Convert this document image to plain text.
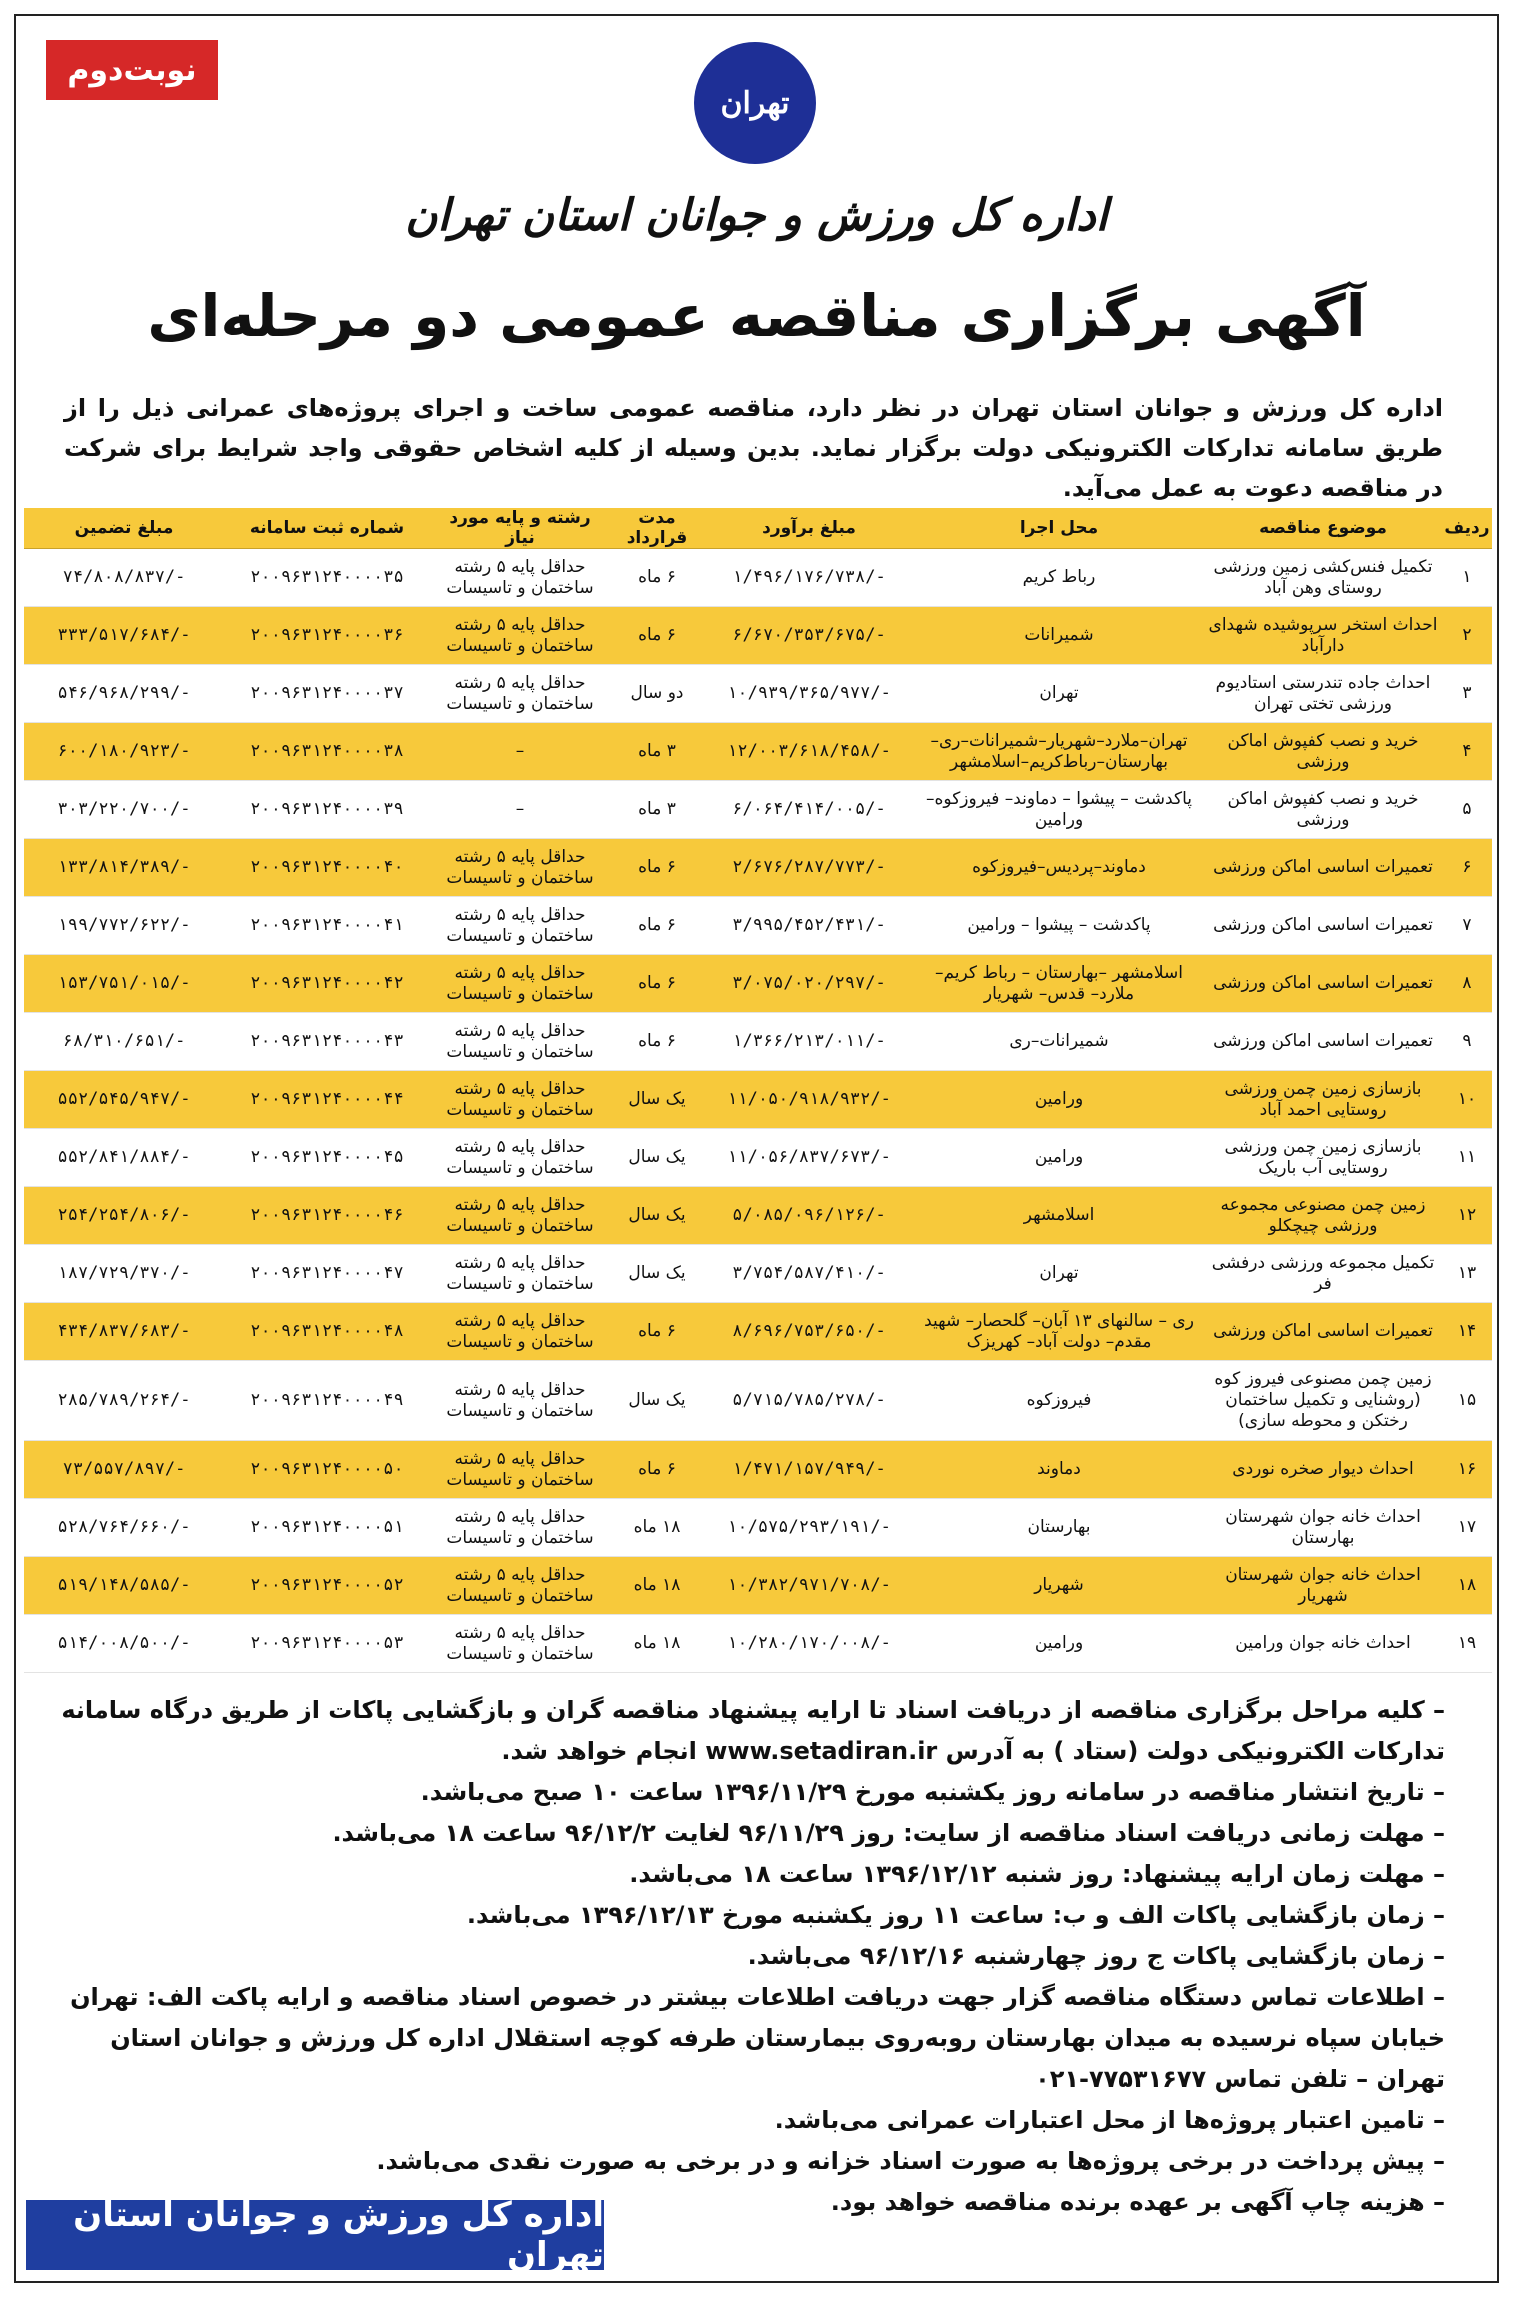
نوبت‌دوم
تهران
اداره کل ورزش و جوانان استان تهران
آگهی برگزاری مناقصه عمومی دو مرحله‌ای
اداره کل ورزش و جوانان استان تهران در نظر دارد، مناقصه عمومی ساخت و اجرای پروژه‌های عمرانی ذیل را از طریق سامانه تدارکات الکترونیکی دولت برگزار نماید. بدین وسیله از کلیه اشخاص حقوقی واجد شرایط برای شرکت در مناقصه دعوت به عمل می‌آید.
ردیف	موضوع مناقصه	محل اجرا	مبلغ برآورد	مدت قرارداد	رشته و پایه مورد نیاز	شماره ثبت سامانه	مبلغ تضمین
۱	تکمیل فنس‌کشی زمین ورزشی روستای وهن آباد	رباط کریم	۱/۴۹۶/۱۷۶/۷۳۸/-	۶ ماه	حداقل پایه ۵ رشته ساختمان و تاسیسات	۲۰۰۹۶۳۱۲۴۰۰۰۰۳۵	۷۴/۸۰۸/۸۳۷/-
۲	احداث استخر سرپوشیده شهدای دارآباد	شمیرانات	۶/۶۷۰/۳۵۳/۶۷۵/-	۶ ماه	حداقل پایه ۵ رشته ساختمان و تاسیسات	۲۰۰۹۶۳۱۲۴۰۰۰۰۳۶	۳۳۳/۵۱۷/۶۸۴/-
۳	احداث جاده تندرستی استادیوم ورزشی تختی تهران	تهران	۱۰/۹۳۹/۳۶۵/۹۷۷/-	دو سال	حداقل پایه ۵ رشته ساختمان و تاسیسات	۲۰۰۹۶۳۱۲۴۰۰۰۰۳۷	۵۴۶/۹۶۸/۲۹۹/-
۴	خرید و نصب کفپوش اماکن ورزشی	تهران–ملارد–شهریار–شمیرانات–ری–بهارستان–رباط‌کریم–اسلامشهر	۱۲/۰۰۳/۶۱۸/۴۵۸/-	۳ ماه	–	۲۰۰۹۶۳۱۲۴۰۰۰۰۳۸	۶۰۰/۱۸۰/۹۲۳/-
۵	خرید و نصب کفپوش اماکن ورزشی	پاکدشت – پیشوا – دماوند– فیروزکوه– ورامین	۶/۰۶۴/۴۱۴/۰۰۵/-	۳ ماه	–	۲۰۰۹۶۳۱۲۴۰۰۰۰۳۹	۳۰۳/۲۲۰/۷۰۰/-
۶	تعمیرات اساسی اماکن ورزشی	دماوند–پردیس–فیروزکوه	۲/۶۷۶/۲۸۷/۷۷۳/-	۶ ماه	حداقل پایه ۵ رشته ساختمان و تاسیسات	۲۰۰۹۶۳۱۲۴۰۰۰۰۴۰	۱۳۳/۸۱۴/۳۸۹/-
۷	تعمیرات اساسی اماکن ورزشی	پاکدشت – پیشوا – ورامین	۳/۹۹۵/۴۵۲/۴۳۱/-	۶ ماه	حداقل پایه ۵ رشته ساختمان و تاسیسات	۲۰۰۹۶۳۱۲۴۰۰۰۰۴۱	۱۹۹/۷۷۲/۶۲۲/-
۸	تعمیرات اساسی اماکن ورزشی	اسلامشهر –بهارستان – رباط کریم– ملارد– قدس– شهریار	۳/۰۷۵/۰۲۰/۲۹۷/-	۶ ماه	حداقل پایه ۵ رشته ساختمان و تاسیسات	۲۰۰۹۶۳۱۲۴۰۰۰۰۴۲	۱۵۳/۷۵۱/۰۱۵/-
۹	تعمیرات اساسی اماکن ورزشی	شمیرانات–ری	۱/۳۶۶/۲۱۳/۰۱۱/-	۶ ماه	حداقل پایه ۵ رشته ساختمان و تاسیسات	۲۰۰۹۶۳۱۲۴۰۰۰۰۴۳	۶۸/۳۱۰/۶۵۱/-
۱۰	بازسازی زمین چمن ورزشی روستایی احمد آباد	ورامین	۱۱/۰۵۰/۹۱۸/۹۳۲/-	یک سال	حداقل پایه ۵ رشته ساختمان و تاسیسات	۲۰۰۹۶۳۱۲۴۰۰۰۰۴۴	۵۵۲/۵۴۵/۹۴۷/-
۱۱	بازسازی زمین چمن ورزشی روستایی آب باریک	ورامین	۱۱/۰۵۶/۸۳۷/۶۷۳/-	یک سال	حداقل پایه ۵ رشته ساختمان و تاسیسات	۲۰۰۹۶۳۱۲۴۰۰۰۰۴۵	۵۵۲/۸۴۱/۸۸۴/-
۱۲	زمین چمن مصنوعی مجموعه ورزشی چیچکلو	اسلامشهر	۵/۰۸۵/۰۹۶/۱۲۶/-	یک سال	حداقل پایه ۵ رشته ساختمان و تاسیسات	۲۰۰۹۶۳۱۲۴۰۰۰۰۴۶	۲۵۴/۲۵۴/۸۰۶/-
۱۳	تکمیل مجموعه ورزشی درفشی فر	تهران	۳/۷۵۴/۵۸۷/۴۱۰/-	یک سال	حداقل پایه ۵ رشته ساختمان و تاسیسات	۲۰۰۹۶۳۱۲۴۰۰۰۰۴۷	۱۸۷/۷۲۹/۳۷۰/-
۱۴	تعمیرات اساسی اماکن ورزشی	ری – سالنهای ۱۳ آبان– گلحصار– شهید مقدم– دولت آباد– کهریزک	۸/۶۹۶/۷۵۳/۶۵۰/-	۶ ماه	حداقل پایه ۵ رشته ساختمان و تاسیسات	۲۰۰۹۶۳۱۲۴۰۰۰۰۴۸	۴۳۴/۸۳۷/۶۸۳/-
۱۵	زمین چمن مصنوعی فیروز کوه (روشنایی و تکمیل ساختمان رختکن و محوطه سازی)	فیروزکوه	۵/۷۱۵/۷۸۵/۲۷۸/-	یک سال	حداقل پایه ۵ رشته ساختمان و تاسیسات	۲۰۰۹۶۳۱۲۴۰۰۰۰۴۹	۲۸۵/۷۸۹/۲۶۴/-
۱۶	احداث دیوار صخره نوردی	دماوند	۱/۴۷۱/۱۵۷/۹۴۹/-	۶ ماه	حداقل پایه ۵ رشته ساختمان و تاسیسات	۲۰۰۹۶۳۱۲۴۰۰۰۰۵۰	۷۳/۵۵۷/۸۹۷/-
۱۷	احداث خانه جوان شهرستان بهارستان	بهارستان	۱۰/۵۷۵/۲۹۳/۱۹۱/-	۱۸ ماه	حداقل پایه ۵ رشته ساختمان و تاسیسات	۲۰۰۹۶۳۱۲۴۰۰۰۰۵۱	۵۲۸/۷۶۴/۶۶۰/-
۱۸	احداث خانه جوان شهرستان شهریار	شهریار	۱۰/۳۸۲/۹۷۱/۷۰۸/-	۱۸ ماه	حداقل پایه ۵ رشته ساختمان و تاسیسات	۲۰۰۹۶۳۱۲۴۰۰۰۰۵۲	۵۱۹/۱۴۸/۵۸۵/-
۱۹	احداث خانه جوان ورامین	ورامین	۱۰/۲۸۰/۱۷۰/۰۰۸/-	۱۸ ماه	حداقل پایه ۵ رشته ساختمان و تاسیسات	۲۰۰۹۶۳۱۲۴۰۰۰۰۵۳	۵۱۴/۰۰۸/۵۰۰/-
– کلیه مراحل برگزاری مناقصه از دریافت اسناد تا ارایه پیشنهاد مناقصه گران و بازگشایی پاکات از طریق درگاه سامانه تدارکات الکترونیکی دولت (ستاد ) به آدرس www.setadiran.ir انجام خواهد شد.
– تاریخ انتشار مناقصه در سامانه روز یکشنبه مورخ ۱۳۹۶/۱۱/۲۹ ساعت ۱۰ صبح می‌باشد.
– مهلت زمانی دریافت اسناد مناقصه از سایت: روز ۹۶/۱۱/۲۹ لغایت ۹۶/۱۲/۲ ساعت ۱۸ می‌باشد.
– مهلت زمان ارایه پیشنهاد: روز شنبه ۱۳۹۶/۱۲/۱۲ ساعت ۱۸ می‌باشد.
– زمان بازگشایی پاکات الف و ب: ساعت ۱۱ روز یکشنبه مورخ ۱۳۹۶/۱۲/۱۳ می‌باشد.
– زمان بازگشایی پاکات ج روز چهارشنبه ۹۶/۱۲/۱۶ می‌باشد.
– اطلاعات تماس دستگاه مناقصه گزار جهت دریافت اطلاعات بیشتر در خصوص اسناد مناقصه و ارایه پاکت الف: تهران خیابان سپاه نرسیده به میدان بهارستان روبه‌روی بیمارستان طرفه کوچه استقلال اداره کل ورزش و جوانان استان تهران – تلفن تماس ۷۷۵۳۱۶۷۷-۰۲۱
– تامین اعتبار پروژه‌ها از محل اعتبارات عمرانی می‌باشد.
– پیش پرداخت در برخی پروژه‌ها به صورت اسناد خزانه و در برخی به صورت نقدی می‌باشد.
– هزینه چاپ آگهی بر عهده برنده مناقصه خواهد بود.
اداره کل ورزش و جوانان استان تهران
